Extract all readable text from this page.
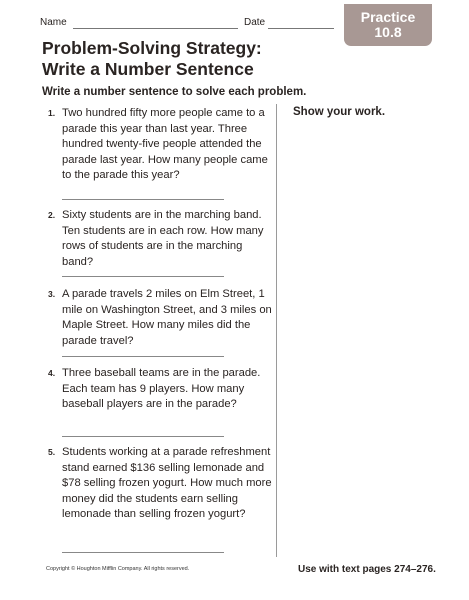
Name	Date	Practice
10.8
Problem-Solving Strategy:
Write a Number Sentence
Write a number sentence to solve each problem.
Show your work.
1. Two hundred fifty more people came to a parade this year than last year. Three hundred twenty-five people attended the parade last year. How many people came to the parade this year?
2. Sixty students are in the marching band. Ten students are in each row. How many rows of students are in the marching band?
3. A parade travels 2 miles on Elm Street, 1 mile on Washington Street, and 3 miles on Maple Street. How many miles did the parade travel?
4. Three baseball teams are in the parade. Each team has 9 players. How many baseball players are in the parade?
5. Students working at a parade refreshment stand earned $136 selling lemonade and $78 selling frozen yogurt. How much more money did the students earn selling lemonade than selling frozen yogurt?
Copyright © Houghton Mifflin Company. All rights reserved.	Use with text pages 274–276.
